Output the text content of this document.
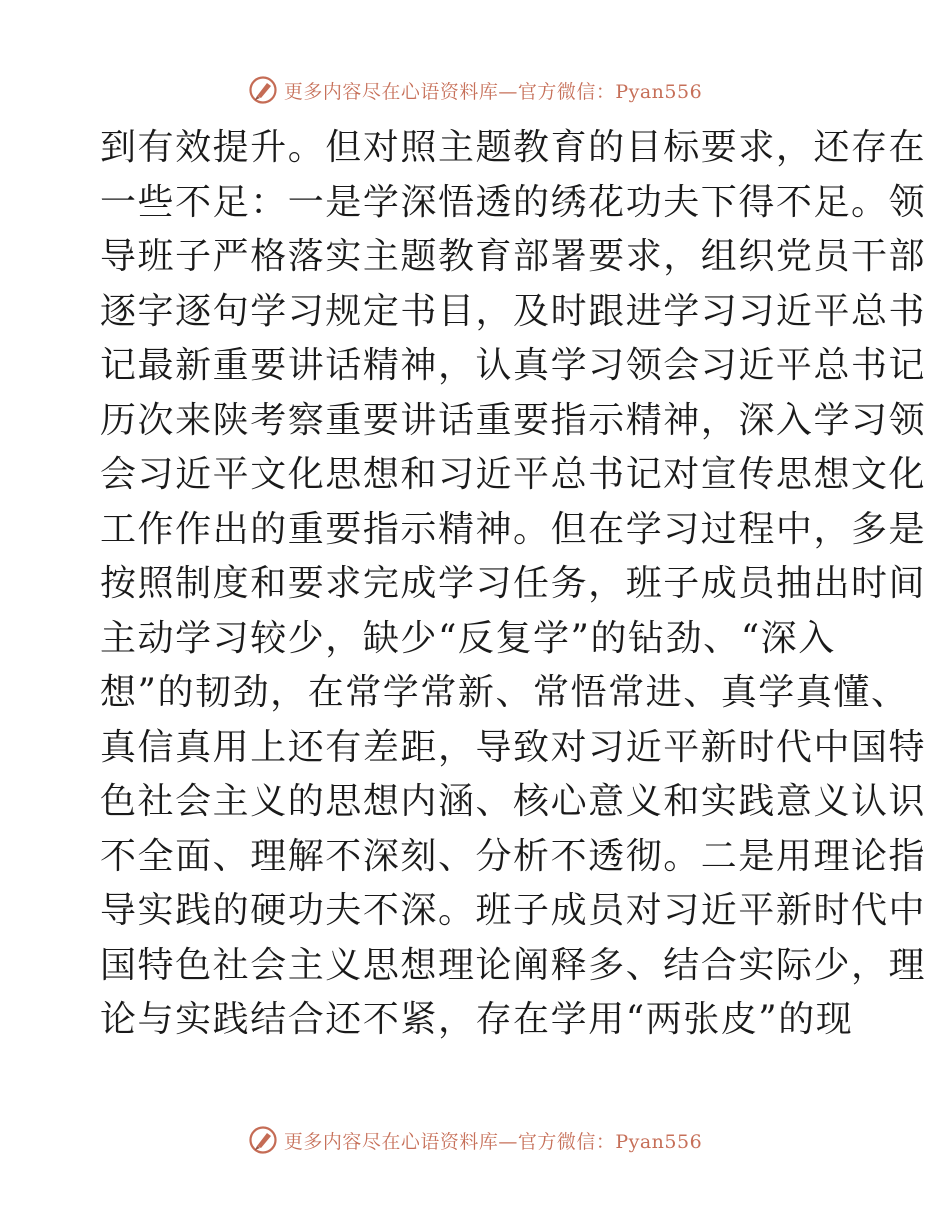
更多内容尽在心语资料库—官方微信：Pyan556
到有效提升。但对照主题教育的目标要求，还存在
一些不足：一是学深悟透的绣花功夫下得不足。领
导班子严格落实主题教育部署要求，组织党员干部
逐字逐句学习规定书目，及时跟进学习习近平总书
记最新重要讲话精神，认真学习领会习近平总书记
历次来陕考察重要讲话重要指示精神，深入学习领
会习近平文化思想和习近平总书记对宣传思想文化
工作作出的重要指示精神。但在学习过程中，多是
按照制度和要求完成学习任务，班子成员抽出时间
主动学习较少，缺少“反复学”的钻劲、“深入
想”的韧劲，在常学常新、常悟常进、真学真懂、
真信真用上还有差距，导致对习近平新时代中国特
色社会主义的思想内涵、核心意义和实践意义认识
不全面、理解不深刻、分析不透彻。二是用理论指
导实践的硬功夫不深。班子成员对习近平新时代中
国特色社会主义思想理论阐释多、结合实际少，理
论与实践结合还不紧，存在学用“两张皮”的现
更多内容尽在心语资料库—官方微信：Pyan556
